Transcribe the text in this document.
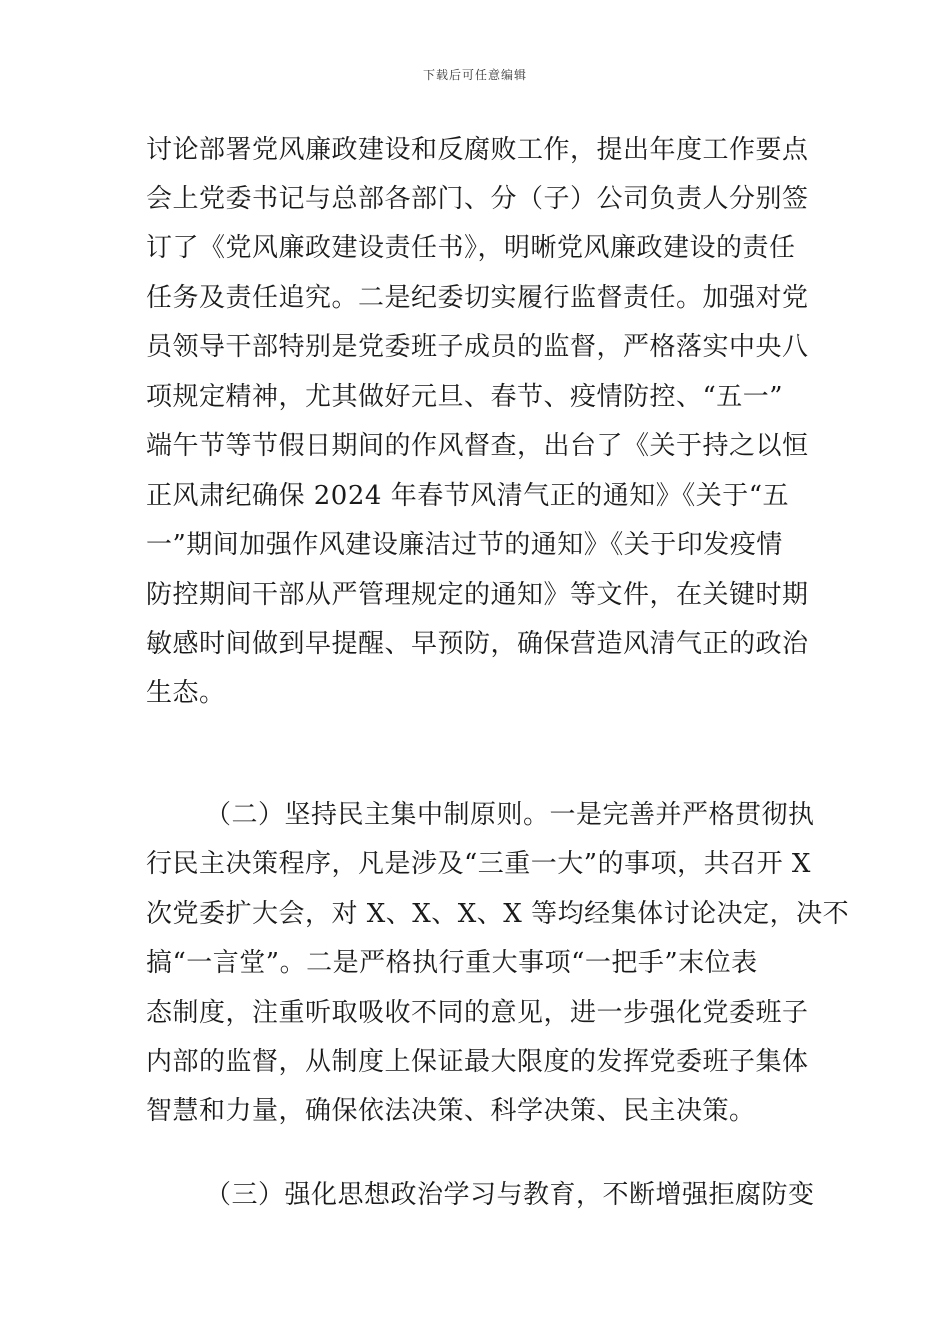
下载后可任意编辑
讨论部署党风廉政建设和反腐败工作，提出年度工作要点
会上党委书记与总部各部门、分（子）公司负责人分别签
订了《党风廉政建设责任书》，明晰党风廉政建设的责任
任务及责任追究。二是纪委切实履行监督责任。加强对党
员领导干部特别是党委班子成员的监督，严格落实中央八
项规定精神，尤其做好元旦、春节、疫情防控、“五一”
端午节等节假日期间的作风督查，出台了《关于持之以恒
正风肃纪确保 2024 年春节风清气正的通知》《关于“五
一”期间加强作风建设廉洁过节的通知》《关于印发疫情
防控期间干部从严管理规定的通知》等文件，在关键时期
敏感时间做到早提醒、早预防，确保营造风清气正的政治
生态。
（二）坚持民主集中制原则。一是完善并严格贯彻执
行民主决策程序，凡是涉及“三重一大”的事项，共召开 X
次党委扩大会，对 X、X、X、X 等均经集体讨论决定，决不
搞“一言堂”。二是严格执行重大事项“一把手”末位表
态制度，注重听取吸收不同的意见，进一步强化党委班子
内部的监督，从制度上保证最大限度的发挥党委班子集体
智慧和力量，确保依法决策、科学决策、民主决策。
（三）强化思想政治学习与教育，不断增强拒腐防变
